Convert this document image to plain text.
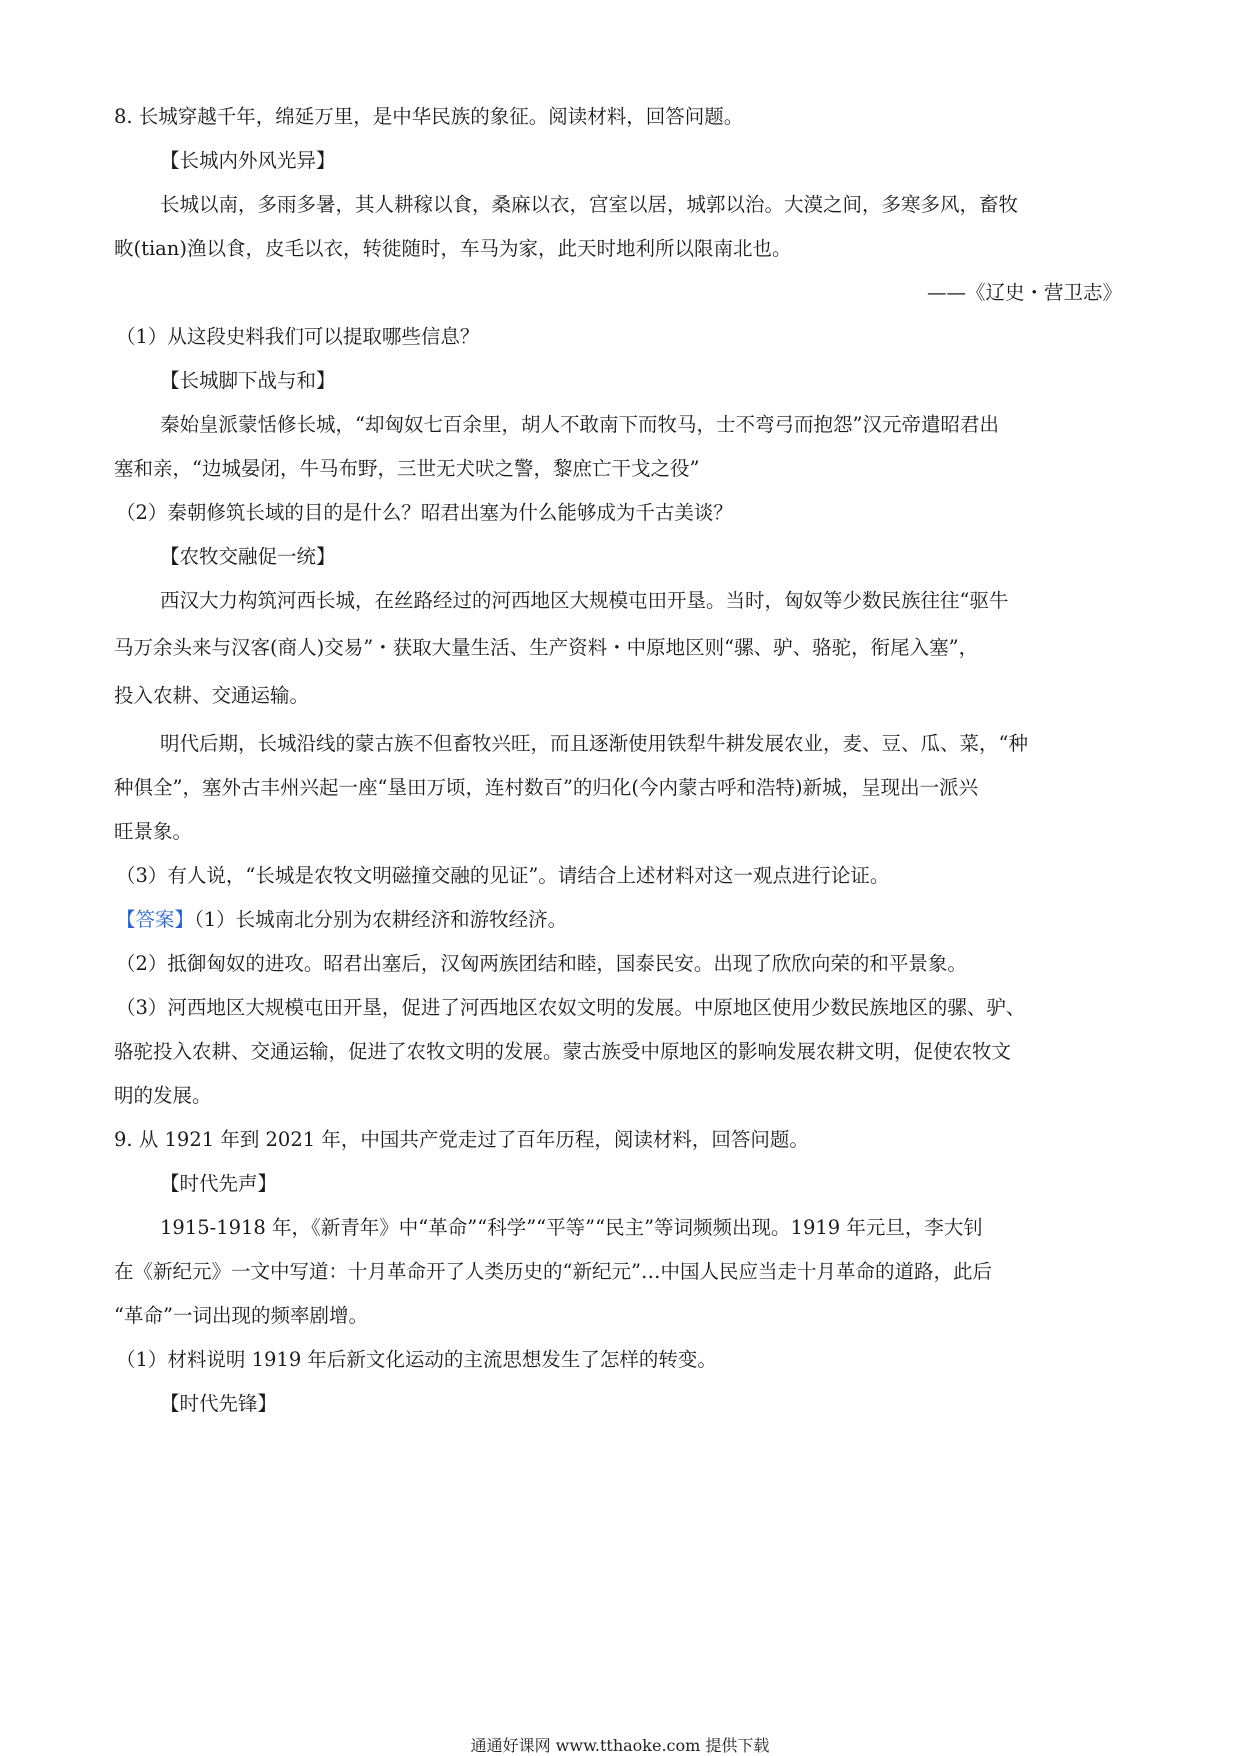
8. 长城穿越千年，绵延万里，是中华民族的象征。阅读材料，回答问题。
【长城内外风光异】
长城以南，多雨多暑，其人耕稼以食，桑麻以衣，宫室以居，城郭以治。大漠之间，多寒多风，畜牧
畋(tian)渔以食，皮毛以衣，转徙随时，车马为家，此天时地利所以限南北也。
——《辽史・营卫志》
（1）从这段史料我们可以提取哪些信息？
【长城脚下战与和】
秦始皇派蒙恬修长城，“却匈奴七百余里，胡人不敢南下而牧马，士不弯弓而抱怨”汉元帝遣昭君出
塞和亲，“边城晏闭，牛马布野，三世无犬吠之警，黎庶亡干戈之役”
（2）秦朝修筑长域的目的是什么？昭君出塞为什么能够成为千古美谈？
【农牧交融促一统】
西汉大力构筑河西长城，在丝路经过的河西地区大规模屯田开垦。当时，匈奴等少数民族往往“驱牛
马万余头来与汉客(商人)交易”・获取大量生活、生产资料・中原地区则“骡、驴、骆驼，衔尾入塞”，
投入农耕、交通运输。
明代后期，长城沿线的蒙古族不但畜牧兴旺，而且逐渐使用铁犁牛耕发展农业，麦、豆、瓜、菜，“种
种俱全”，塞外古丰州兴起一座“垦田万顷，连村数百”的归化(今内蒙古呼和浩特)新城，呈现出一派兴
旺景象。
（3）有人说，“长城是农牧文明磁撞交融的见证”。请结合上述材料对这一观点进行论证。
【答案】（1）长城南北分别为农耕经济和游牧经济。
（2）抵御匈奴的进攻。昭君出塞后，汉匈两族团结和睦，国泰民安。出现了欣欣向荣的和平景象。
（3）河西地区大规模屯田开垦，促进了河西地区农奴文明的发展。中原地区使用少数民族地区的骡、驴、
骆驼投入农耕、交通运输，促进了农牧文明的发展。蒙古族受中原地区的影响发展农耕文明，促使农牧文
明的发展。
9. 从 1921 年到 2021 年，中国共产党走过了百年历程，阅读材料，回答问题。
【时代先声】
1915-1918 年，《新青年》中“革命”“科学”“平等”“民主”等词频频出现。1919 年元旦，李大钊
在《新纪元》一文中写道：十月革命开了人类历史的“新纪元”…中国人民应当走十月革命的道路，此后
“革命”一词出现的频率剧增。
（1）材料说明 1919 年后新文化运动的主流思想发生了怎样的转变。
【时代先锋】
通通好课网 www.tthaoke.com 提供下载
